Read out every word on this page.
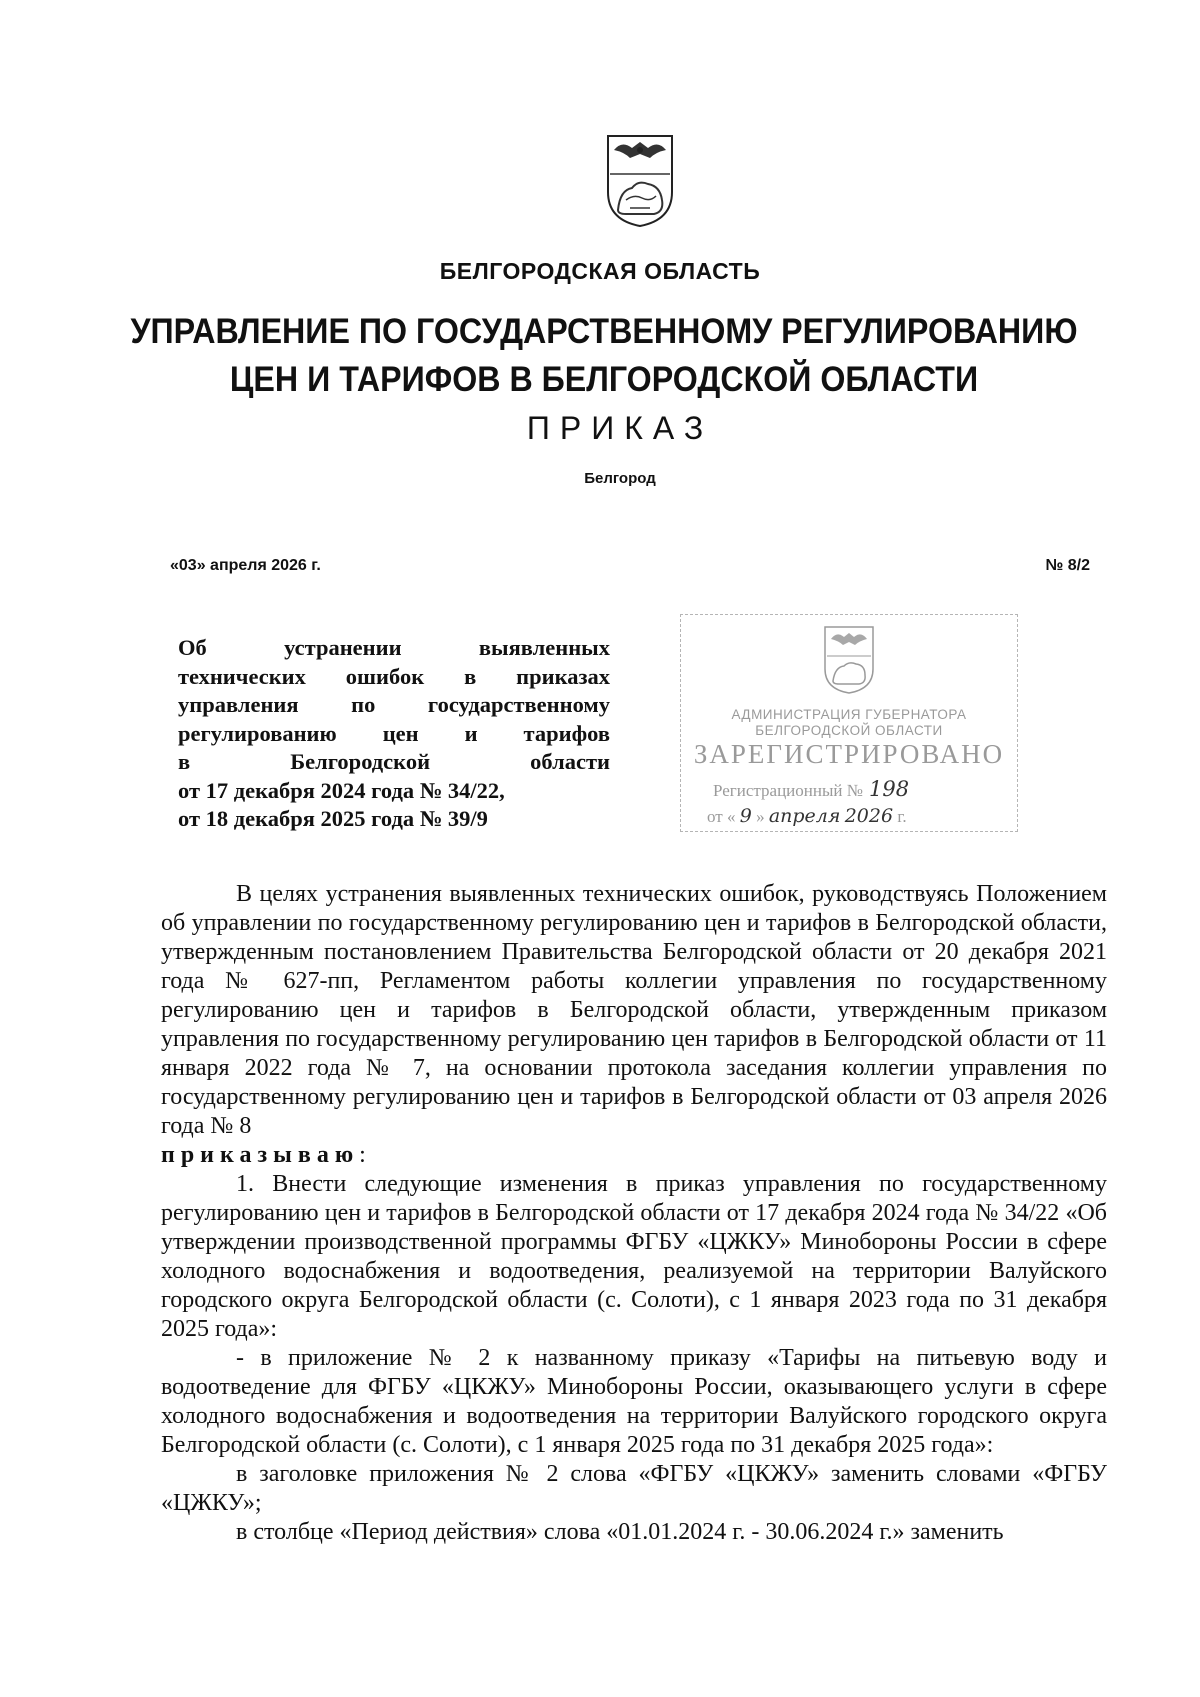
БЕЛГОРОДСКАЯ ОБЛАСТЬ
УПРАВЛЕНИЕ ПО ГОСУДАРСТВЕННОМУ РЕГУЛИРОВАНИЮ
ЦЕН И ТАРИФОВ В БЕЛГОРОДСКОЙ ОБЛАСТИ
ПРИКАЗ
Белгород
«03» апреля 2026 г.	№ 8/2
Об устранении выявленных
технических ошибок в приказах
управления по государственному
регулированию цен и тарифов
в Белгородской области
от 17 декабря 2024 года № 34/22,
от 18 декабря 2025 года № 39/9
АДМИНИСТРАЦИЯ ГУБЕРНАТОРА
БЕЛГОРОДСКОЙ ОБЛАСТИ
ЗАРЕГИСТРИРОВАНО
Регистрационный № 198
от « 9 » апреля 2026 г.

В целях устранения выявленных технических ошибок, руководствуясь Положением об управлении по государственному регулированию цен и тарифов в Белгородской области, утвержденным постановлением Правительства Белгородской области от 20 декабря 2021 года № 627-пп, Регламентом работы коллегии управления по государственному регулированию цен и тарифов в Белгородской области, утвержденным приказом управления по государственному регулированию цен тарифов в Белгородской области от 11 января 2022 года № 7, на основании протокола заседания коллегии управления по государственному регулированию цен и тарифов в Белгородской области от 03 апреля 2026 года № 8

приказываю:

1. Внести следующие изменения в приказ управления по государственному регулированию цен и тарифов в Белгородской области от 17 декабря 2024 года № 34/22 «Об утверждении производственной программы ФГБУ «ЦЖКУ» Минобороны России в сфере холодного водоснабжения и водоотведения, реализуемой на территории Валуйского городского округа Белгородской области (с. Солоти), с 1 января 2023 года по 31 декабря 2025 года»:

- в приложение № 2 к названному приказу «Тарифы на питьевую воду и водоотведение для ФГБУ «ЦКЖУ» Минобороны России, оказывающего услуги в сфере холодного водоснабжения и водоотведения на территории Валуйского городского округа Белгородской области (с. Солоти), с 1 января 2025 года по 31 декабря 2025 года»:

в заголовке приложения № 2 слова «ФГБУ «ЦКЖУ» заменить словами «ФГБУ «ЦЖКУ»;

в столбце «Период действия» слова «01.01.2024 г. - 30.06.2024 г.» заменить
